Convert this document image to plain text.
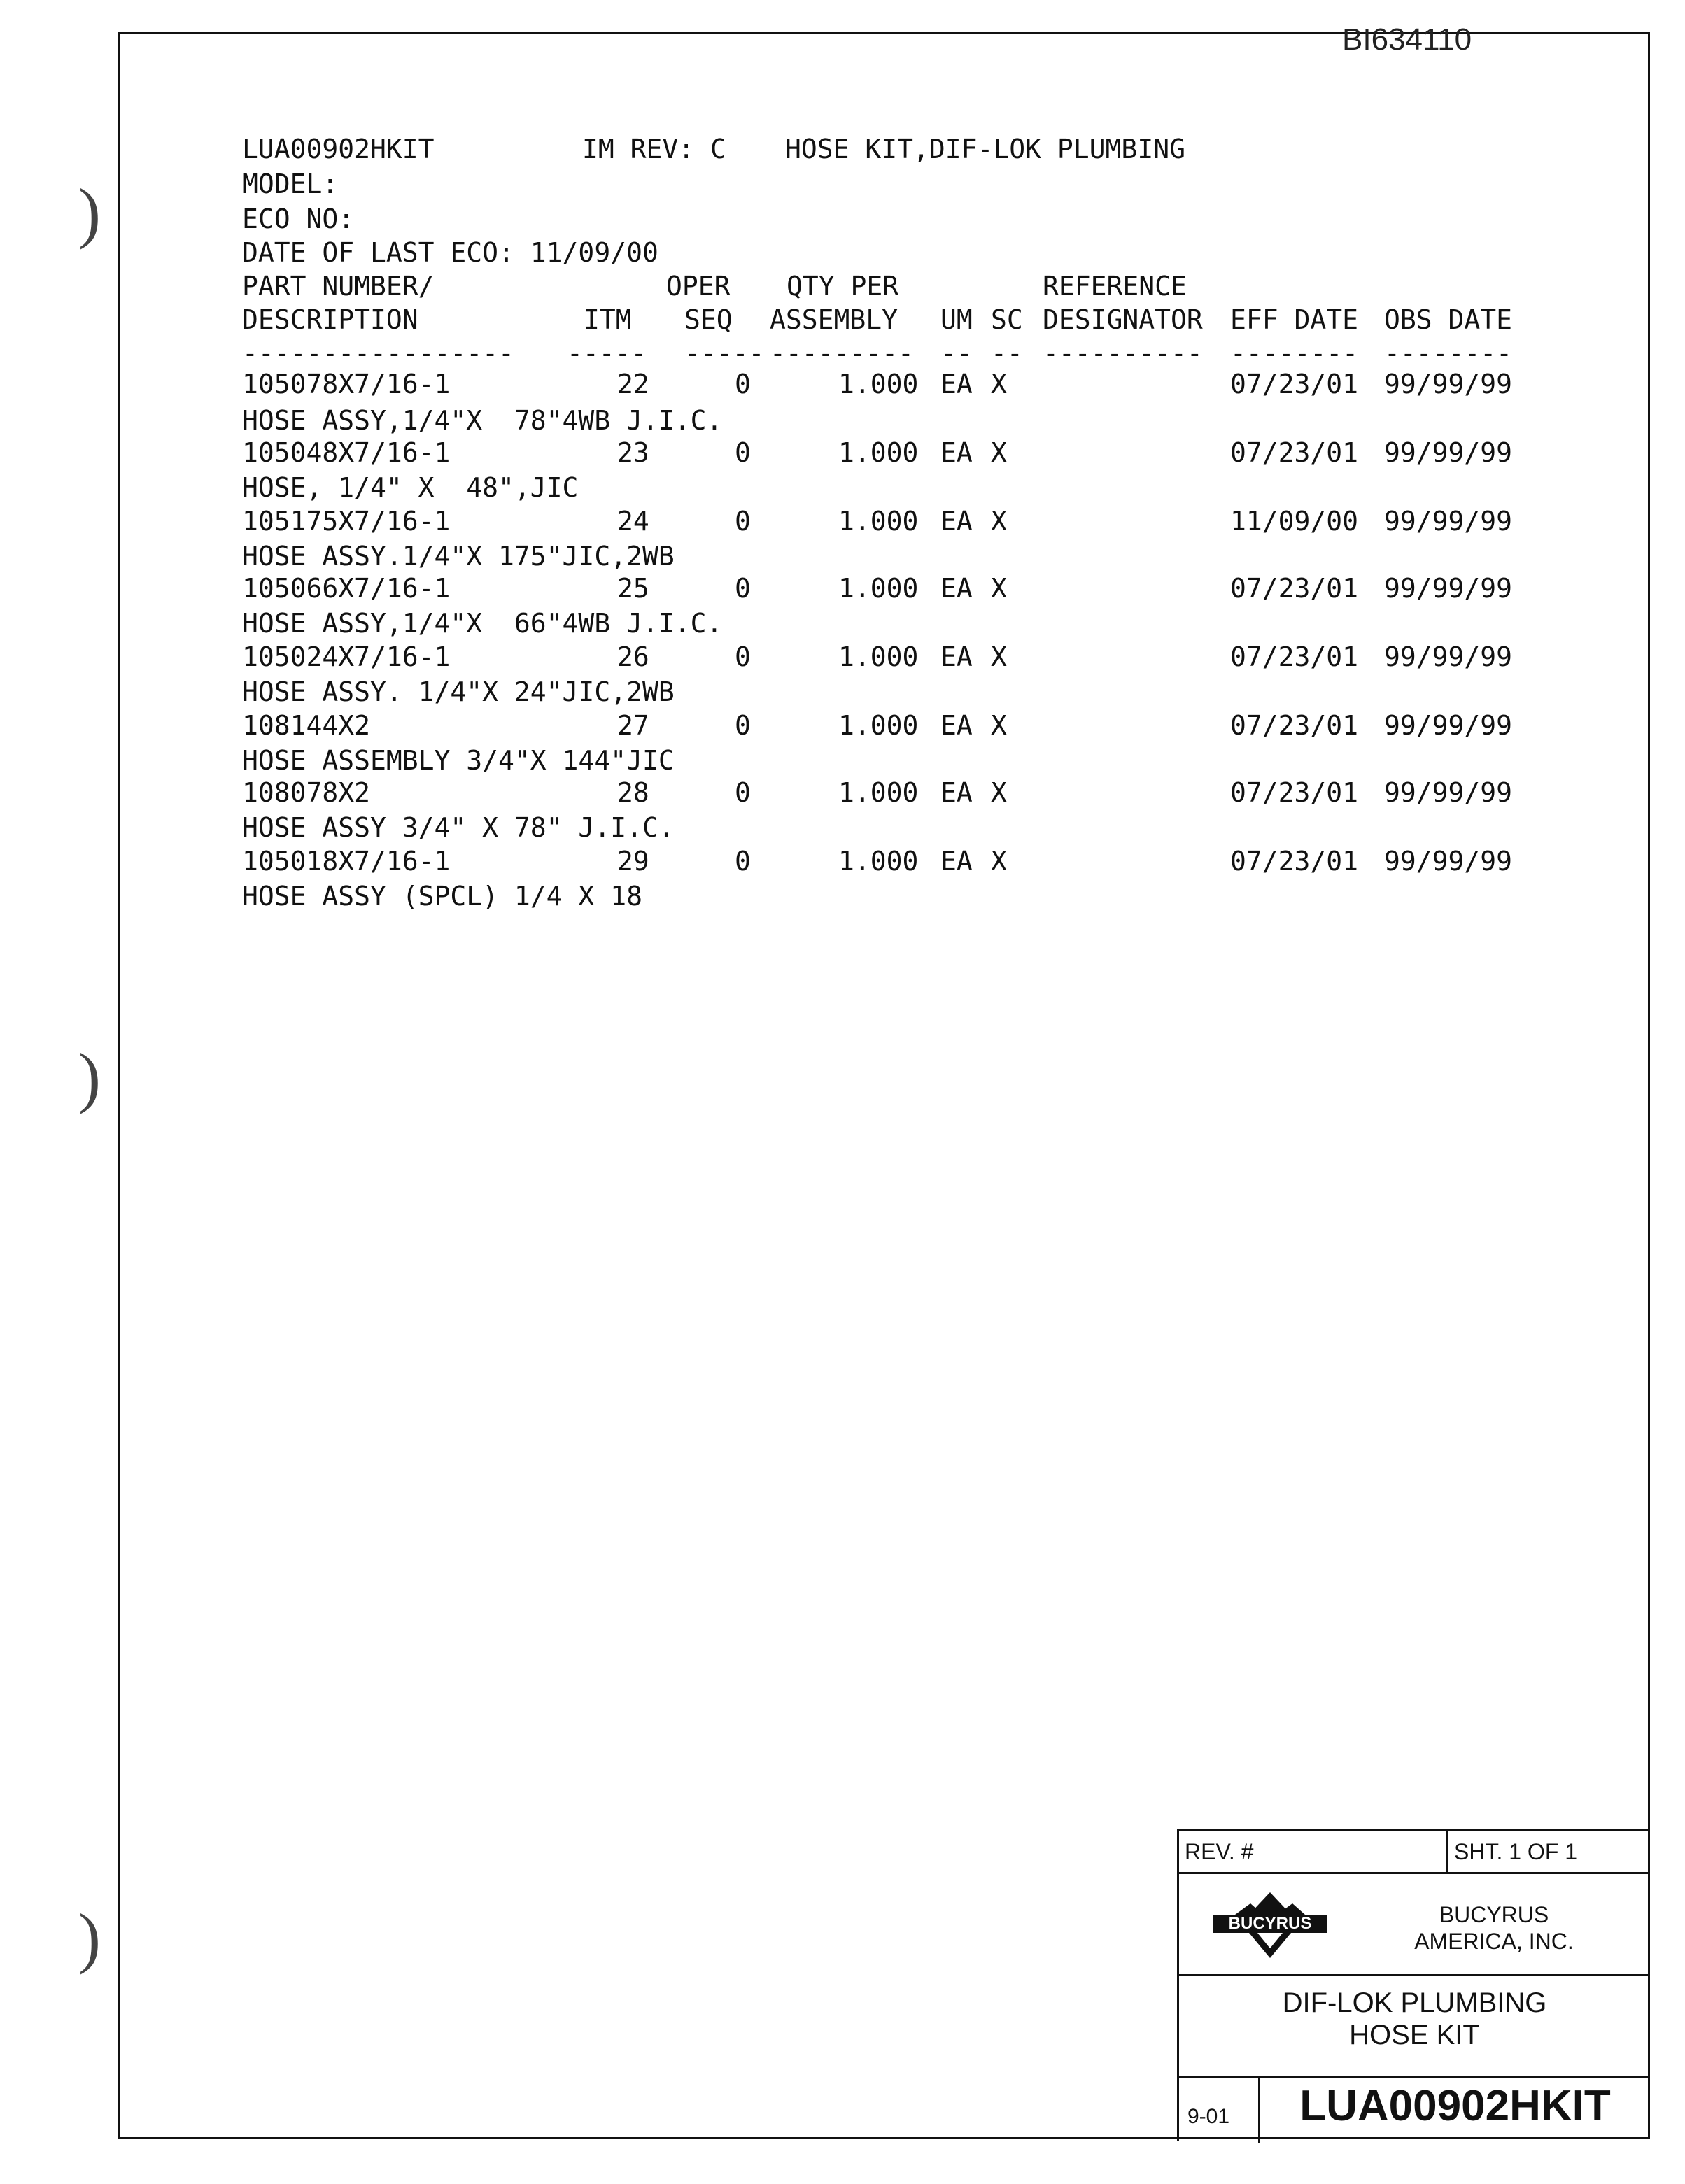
BI634110
)
)
)
LUA00902HKIT	IM REV: C HOSE KIT,DIF-LOK PLUMBING
MODEL:
ECO NO:
DATE OF LAST ECO: 11/09/00
PART NUMBER/	OPER QTY PER	REFERENCE
DESCRIPTION	ITM SEQ ASSEMBLY UM SC DESIGNATOR EFF DATE OBS DATE
----------------- ----- ----- --------- -- -- ---------- -------- --------
105078X7/16-1	22	0	1.000 EA X	07/23/01 99/99/99
HOSE ASSY,1/4"X  78"4WB J.I.C.
105048X7/16-1	23	0	1.000 EA X	07/23/01 99/99/99
HOSE, 1/4" X  48",JIC
105175X7/16-1	24	0	1.000 EA X	11/09/00 99/99/99
HOSE ASSY.1/4"X 175"JIC,2WB
105066X7/16-1	25	0	1.000 EA X	07/23/01 99/99/99
HOSE ASSY,1/4"X  66"4WB J.I.C.
105024X7/16-1	26	0	1.000 EA X	07/23/01 99/99/99
HOSE ASSY. 1/4"X 24"JIC,2WB
108144X2	27	0	1.000 EA X	07/23/01 99/99/99
HOSE ASSEMBLY 3/4"X 144"JIC
108078X2	28	0	1.000 EA X	07/23/01 99/99/99
HOSE ASSY 3/4" X 78" J.I.C.
105018X7/16-1	29	0	1.000 EA X	07/23/01 99/99/99
HOSE ASSY (SPCL) 1/4 X 18
REV. #	SHT. 1 OF 1
BUCYRUS	BUCYRUS
AMERICA, INC.
DIF-LOK PLUMBING
HOSE KIT
9-01	LUA00902HKIT
